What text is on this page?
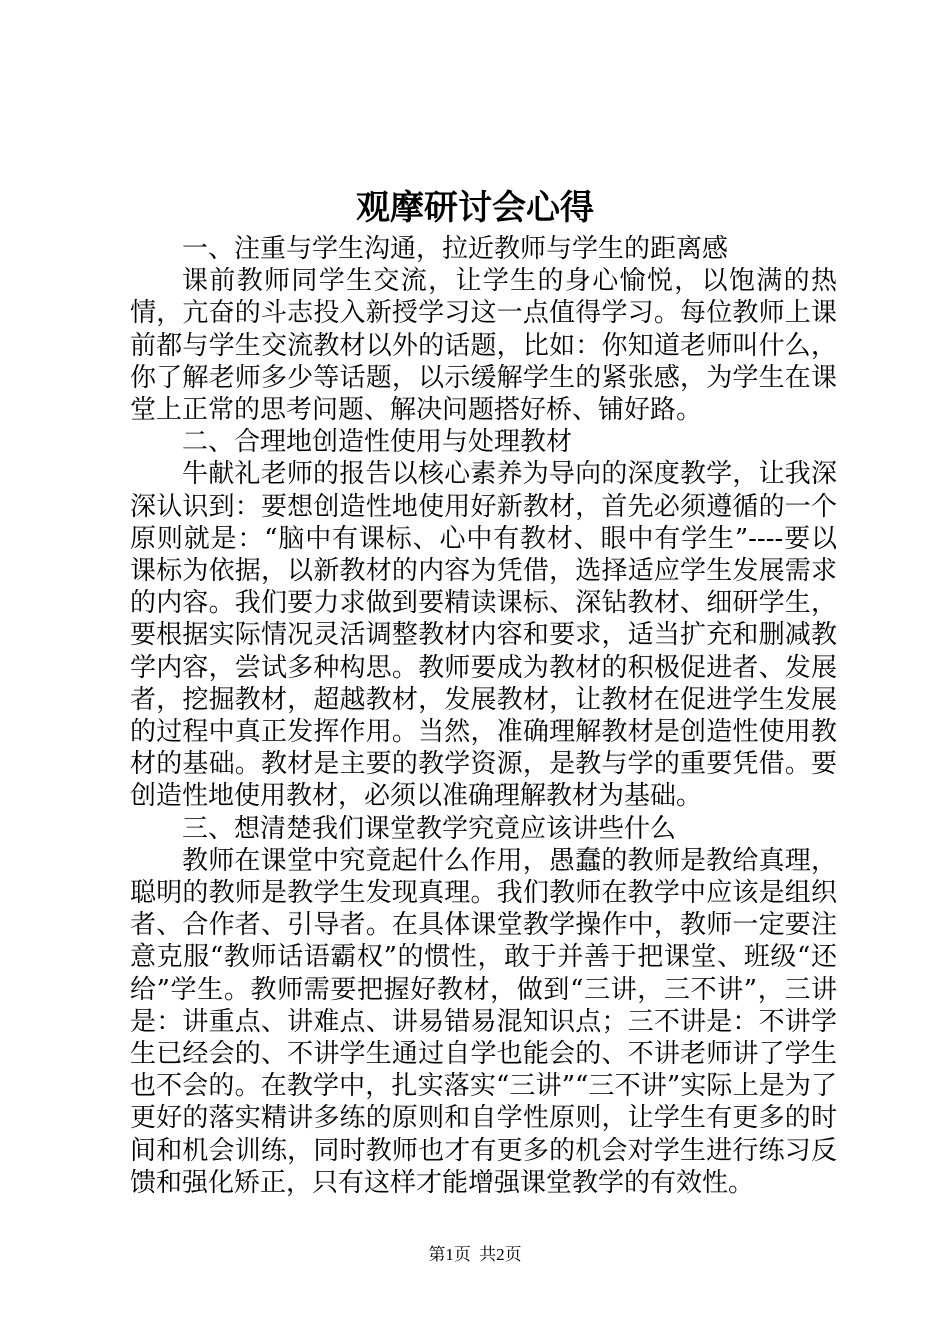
观摩研讨会心得

一、注重与学生沟通，拉近教师与学生的距离感

课前教师同学生交流，让学生的身心愉悦，以饱满的热情，亢奋的斗志投入新授学习这一点值得学习。每位教师上课前都与学生交流教材以外的话题，比如：你知道老师叫什么，你了解老师多少等话题，以示缓解学生的紧张感，为学生在课堂上正常的思考问题、解决问题搭好桥、铺好路。

二、合理地创造性使用与处理教材

牛献礼老师的报告以核心素养为导向的深度教学，让我深深认识到：要想创造性地使用好新教材，首先必须遵循的一个原则就是：“脑中有课标、心中有教材、眼中有学生”----要以课标为依据，以新教材的内容为凭借，选择适应学生发展需求的内容。我们要力求做到要精读课标、深钻教材、细研学生，要根据实际情况灵活调整教材内容和要求，适当扩充和删减教学内容，尝试多种构思。教师要成为教材的积极促进者、发展者，挖掘教材，超越教材，发展教材，让教材在促进学生发展的过程中真正发挥作用。当然，准确理解教材是创造性使用教材的基础。教材是主要的教学资源，是教与学的重要凭借。要创造性地使用教材，必须以准确理解教材为基础。

三、想清楚我们课堂教学究竟应该讲些什么

教师在课堂中究竟起什么作用，愚蠢的教师是教给真理，聪明的教师是教学生发现真理。我们教师在教学中应该是组织者、合作者、引导者。在具体课堂教学操作中，教师一定要注意克服“教师话语霸权”的惯性，敢于并善于把课堂、班级“还给”学生。教师需要把握好教材，做到“三讲，三不讲”，三讲是：讲重点、讲难点、讲易错易混知识点；三不讲是：不讲学生已经会的、不讲学生通过自学也能会的、不讲老师讲了学生也不会的。在教学中，扎实落实“三讲”“三不讲”实际上是为了更好的落实精讲多练的原则和自学性原则，让学生有更多的时间和机会训练，同时教师也才有更多的机会对学生进行练习反馈和强化矫正，只有这样才能增强课堂教学的有效性。

第1页 共2页
